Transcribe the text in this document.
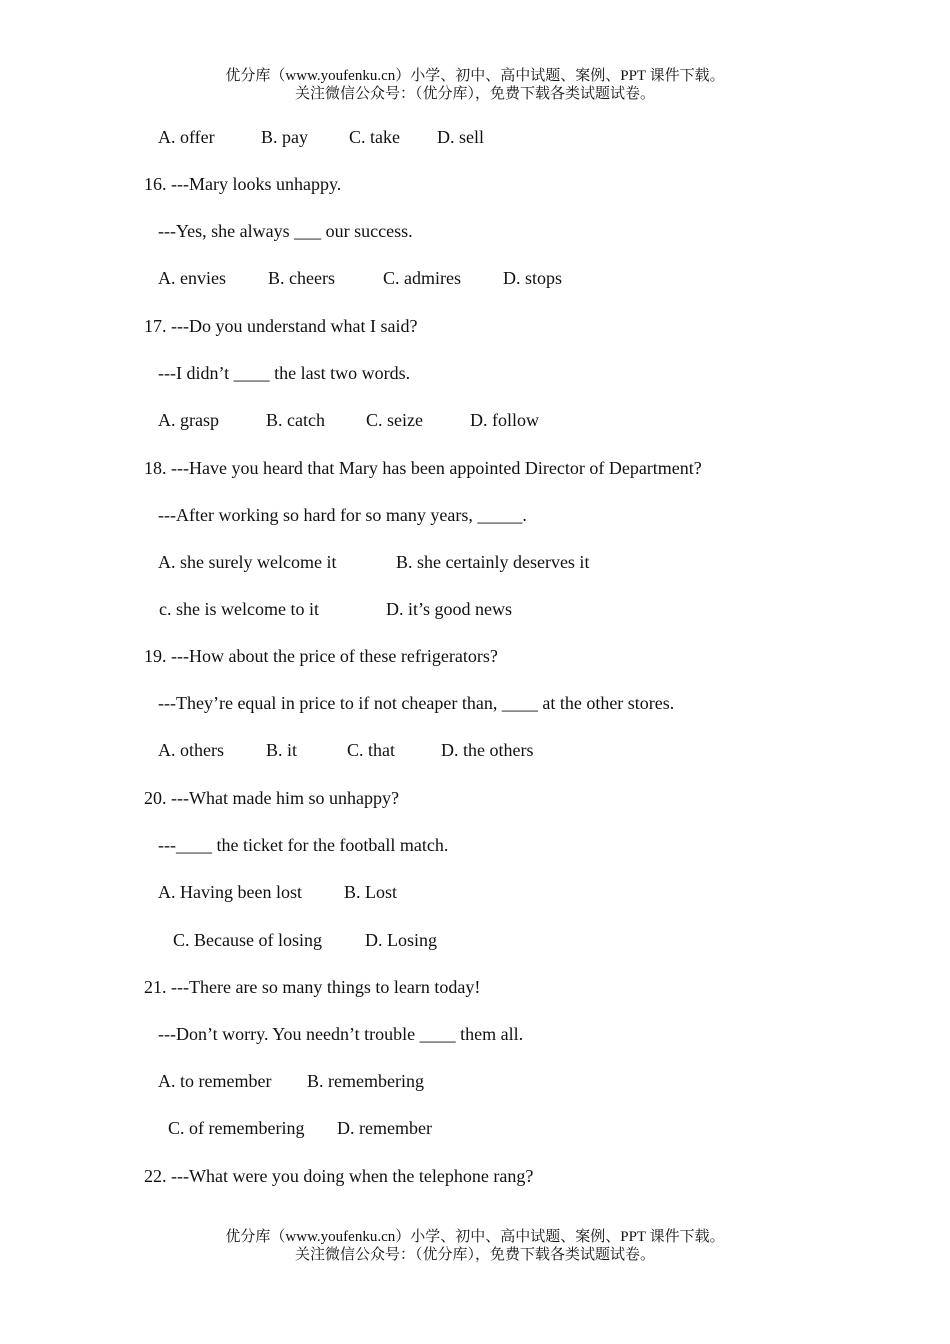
优分库（www.youfenku.cn）小学、初中、高中试题、案例、PPT 课件下载。
关注微信公众号：（优分库），免费下载各类试题试卷。
A. offer	B. pay C. take D. sell
16. ---Mary looks unhappy.
---Yes, she always ___ our success.
A. envies B. cheers	C. admires D. stops
17. ---Do you understand what I said?
---I didn’t ____ the last two words.
A. grasp	B. catch C. seize	D. follow
18. ---Have you heard that Mary has been appointed Director of Department?
---After working so hard for so many years, _____.
A. she surely welcome it	B. she certainly deserves it
c. she is welcome to it	D. it’s good news
19. ---How about the price of these refrigerators?
---They’re equal in price to if not cheaper than, ____ at the other stores.
A. others B. it	C. that	D. the others
20. ---What made him so unhappy?
---____ the ticket for the football match.
A. Having been lost B. Lost
C. Because of losing D. Losing
21. ---There are so many things to learn today!
---Don’t worry. You needn’t trouble ____ them all.
A. to remember B. remembering
C. of remembering D. remember
22. ---What were you doing when the telephone rang?
优分库（www.youfenku.cn）小学、初中、高中试题、案例、PPT 课件下载。
关注微信公众号：（优分库），免费下载各类试题试卷。
